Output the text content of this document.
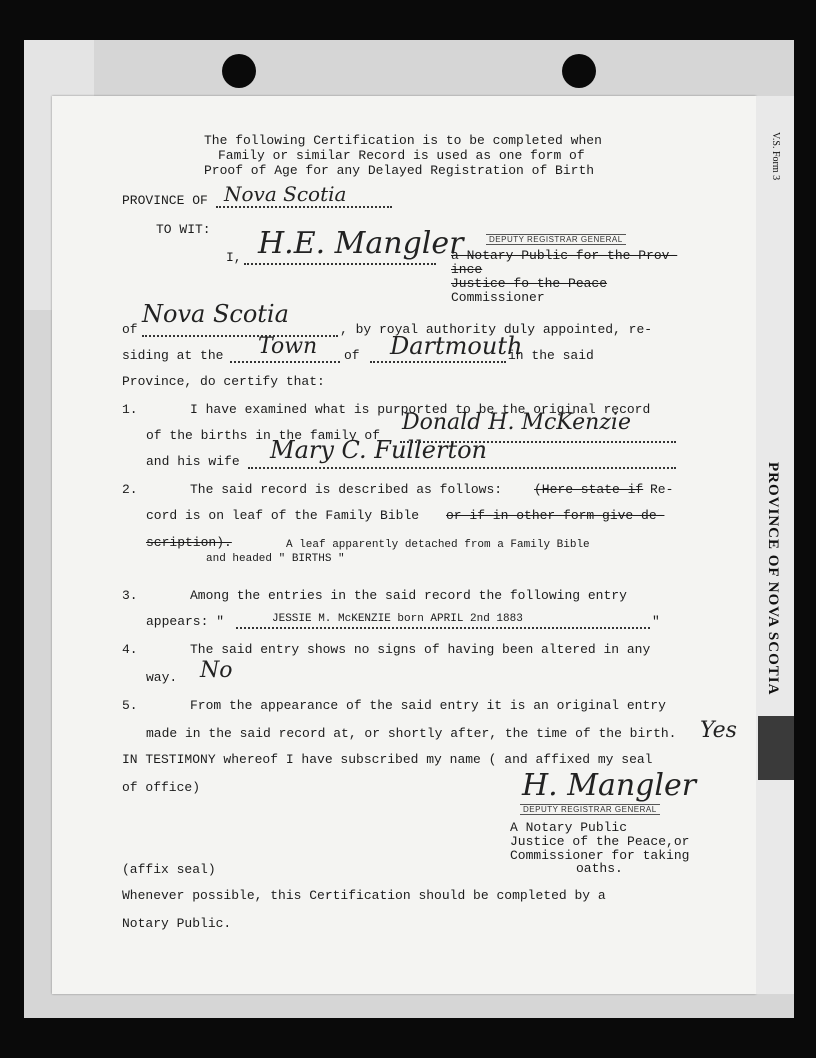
V.S. Form 3
PROVINCE OF NOVA SCOTIA
The following Certification is to be completed when
Family or similar Record is used as one form of
Proof of Age for any Delayed Registration of Birth
PROVINCE OF Nova Scotia
TO WIT:
I, H.E. Mangler	DEPUTY REGISTRAR GENERAL
a Notary Public for the Prov-
ince
Justice fo the Peace
Commissioner
Nova Scotia
of	, by royal authority duly appointed, re-
siding at the Town of Dartmouth
in the said
Province, do certify that:
1.	I have examined what is purported to be the original record
of the births in the family of
Donald H. McKenzie
and his wife Mary C. Fullerton
2.	The said record is described as follows: (Here state if Re-
cord is on leaf of the Family Bible or if in other form give de-
scription).	A leaf apparently detached from a Family Bible
and headed " BIRTHS "
3.	Among the entries in the said record the following entry
appears: "	JESSIE M. McKENZIE born APRIL 2nd 1883	"
4.	The said entry shows no signs of having been altered in any
way. No
5.	From the appearance of the said entry it is an original entry
made in the said record at, or shortly after, the time of the birth. Yes
IN TESTIMONY whereof I have subscribed my name ( and affixed my seal
of office)	H. Mangler
DEPUTY REGISTRAR GENERAL
A Notary Public
Justice of the Peace,or
Commissioner for taking
oaths.
(affix seal)
Whenever possible, this Certification should be completed by a
Notary Public.
